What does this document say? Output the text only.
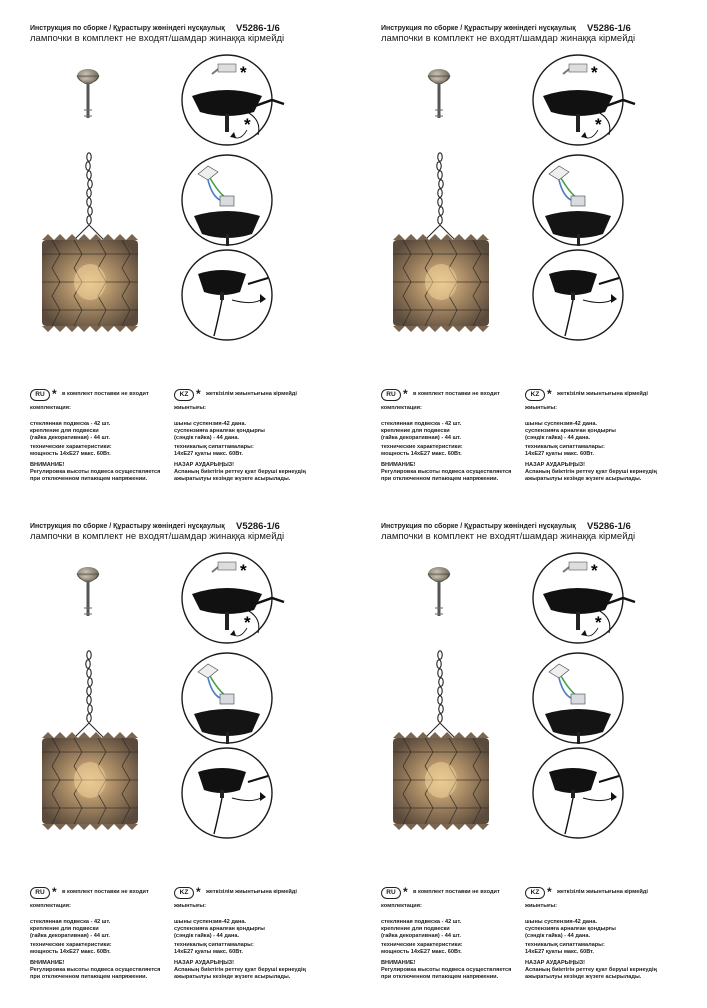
Инструкция по сборке / Құрастыру жөніндегі нұсқаулық V5286-1/6
лампочки в комплект не входят/шамдар жинаққа кірмейді
*
*
RU * в комплект поставки не входит
комплектация:
стеклянная подвеска - 42 шт.
крепление для подвески
(гайка декоративная) - 44 шт.
технические характеристики:
мощность 14xE27 макс. 60Вт.
ВНИМАНИЕ!
Регулировка высоты подвеса осуществляется
при отключенном питающем напряжении.
KZ * жеткізілім жиынтығына кірмейді
жиынтығы:
шыны суспензия-42 дана.
суспензияға арналған қондырғы
(сәндік гайка) - 44 дана.
техникалық сипаттамалары:
14xE27 қуаты макс. 60Вт.
НАЗАР АУДАРЫҢЫЗ!
Аспаның биіктігін реттеу қуат беруші кернеудің
ажыратылуы кезінде жүзеге асырылады.
Инструкция по сборке / Құрастыру жөніндегі нұсқаулық V5286-1/6
лампочки в комплект не входят/шамдар жинаққа кірмейді
*
*
RU * в комплект поставки не входит
комплектация:
стеклянная подвеска - 42 шт.
крепление для подвески
(гайка декоративная) - 44 шт.
технические характеристики:
мощность 14xE27 макс. 60Вт.
ВНИМАНИЕ!
Регулировка высоты подвеса осуществляется
при отключенном питающем напряжении.
KZ * жеткізілім жиынтығына кірмейді
жиынтығы:
шыны суспензия-42 дана.
суспензияға арналған қондырғы
(сәндік гайка) - 44 дана.
техникалық сипаттамалары:
14xE27 қуаты макс. 60Вт.
НАЗАР АУДАРЫҢЫЗ!
Аспаның биіктігін реттеу қуат беруші кернеудің
ажыратылуы кезінде жүзеге асырылады.
Инструкция по сборке / Құрастыру жөніндегі нұсқаулық V5286-1/6
лампочки в комплект не входят/шамдар жинаққа кірмейді
*
*
RU * в комплект поставки не входит
комплектация:
стеклянная подвеска - 42 шт.
крепление для подвески
(гайка декоративная) - 44 шт.
технические характеристики:
мощность 14xE27 макс. 60Вт.
ВНИМАНИЕ!
Регулировка высоты подвеса осуществляется
при отключенном питающем напряжении.
KZ * жеткізілім жиынтығына кірмейді
жиынтығы:
шыны суспензия-42 дана.
суспензияға арналған қондырғы
(сәндік гайка) - 44 дана.
техникалық сипаттамалары:
14xE27 қуаты макс. 60Вт.
НАЗАР АУДАРЫҢЫЗ!
Аспаның биіктігін реттеу қуат беруші кернеудің
ажыратылуы кезінде жүзеге асырылады.
Инструкция по сборке / Құрастыру жөніндегі нұсқаулық V5286-1/6
лампочки в комплект не входят/шамдар жинаққа кірмейді
*
*
RU * в комплект поставки не входит
комплектация:
стеклянная подвеска - 42 шт.
крепление для подвески
(гайка декоративная) - 44 шт.
технические характеристики:
мощность 14xE27 макс. 60Вт.
ВНИМАНИЕ!
Регулировка высоты подвеса осуществляется
при отключенном питающем напряжении.
KZ * жеткізілім жиынтығына кірмейді
жиынтығы:
шыны суспензия-42 дана.
суспензияға арналған қондырғы
(сәндік гайка) - 44 дана.
техникалық сипаттамалары:
14xE27 қуаты макс. 60Вт.
НАЗАР АУДАРЫҢЫЗ!
Аспаның биіктігін реттеу қуат беруші кернеудің
ажыратылуы кезінде жүзеге асырылады.
